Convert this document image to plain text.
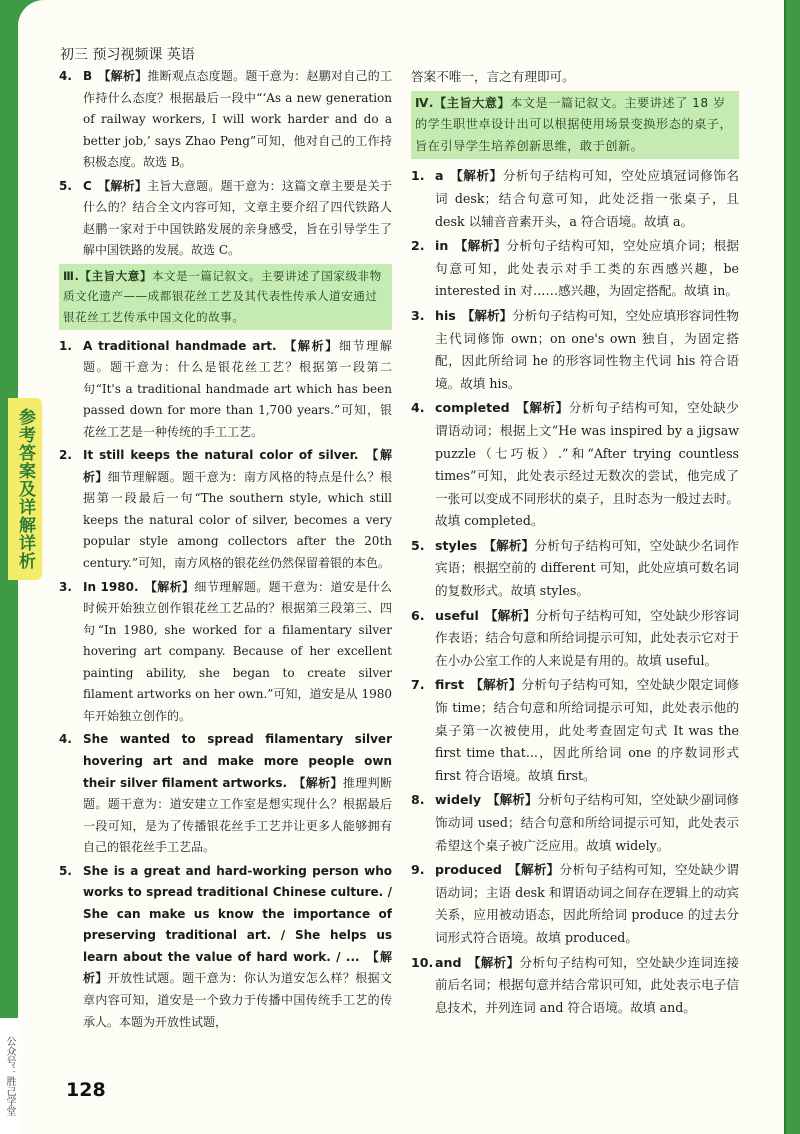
初三 预习视频课 英语
参考答案及详解详析
4. B 【解析】推断观点态度题。题干意为：赵鹏对自己的工作持什么态度？根据最后一段中“‘As a new generation of railway workers, I will work harder and do a better job,’ says Zhao Peng”可知，他对自己的工作持积极态度。故选 B。
5. C 【解析】主旨大意题。题干意为：这篇文章主要是关于什么的？结合全文内容可知，文章主要介绍了四代铁路人赵鹏一家对于中国铁路发展的亲身感受，旨在引导学生了解中国铁路的发展。故选 C。
Ⅲ.【主旨大意】本文是一篇记叙文。主要讲述了国家级非物质文化遗产——成都银花丝工艺及其代表性传承人道安通过银花丝工艺传承中国文化的故事。
1. A traditional handmade art. 【解析】细节理解题。题干意为：什么是银花丝工艺？根据第一段第二句“It's a traditional handmade art which has been passed down for more than 1,700 years.”可知，银花丝工艺是一种传统的手工工艺。
2. It still keeps the natural color of silver. 【解析】细节理解题。题干意为：南方风格的特点是什么？根据第一段最后一句“The southern style, which still keeps the natural color of silver, becomes a very popular style among collectors after the 20th century.”可知，南方风格的银花丝仍然保留着银的本色。
3. In 1980. 【解析】细节理解题。题干意为：道安是什么时候开始独立创作银花丝工艺品的？根据第三段第三、四句“In 1980, she worked for a filamentary silver hovering art company. Because of her excellent painting ability, she began to create silver filament artworks on her own.”可知，道安是从 1980 年开始独立创作的。
4. She wanted to spread filamentary silver hovering art and make more people own their silver filament artworks. 【解析】推理判断题。题干意为：道安建立工作室是想实现什么？根据最后一段可知，是为了传播银花丝手工艺并让更多人能够拥有自己的银花丝手工艺品。
5. She is a great and hard-working person who works to spread traditional Chinese culture. / She can make us know the importance of preserving traditional art. / She helps us learn about the value of hard work. / ... 【解析】开放性试题。题干意为：你认为道安怎么样？根据文章内容可知，道安是一个致力于传播中国传统手工艺的传承人。本题为开放性试题，
答案不唯一，言之有理即可。
Ⅳ.【主旨大意】本文是一篇记叙文。主要讲述了 18 岁的学生职世卓设计出可以根据使用场景变换形态的桌子，旨在引导学生培养创新思维，敢于创新。
1. a 【解析】分析句子结构可知，空处应填冠词修饰名词 desk；结合句意可知，此处泛指一张桌子，且 desk 以辅音音素开头，a 符合语境。故填 a。
2. in 【解析】分析句子结构可知，空处应填介词；根据句意可知，此处表示对手工类的东西感兴趣，be interested in 对……感兴趣，为固定搭配。故填 in。
3. his 【解析】分析句子结构可知，空处应填形容词性物主代词修饰 own；on one's own 独自，为固定搭配，因此所给词 he 的形容词性物主代词 his 符合语境。故填 his。
4. completed 【解析】分析句子结构可知，空处缺少谓语动词；根据上文“He was inspired by a jigsaw puzzle（七巧板）.”和“After trying countless times”可知，此处表示经过无数次的尝试，他完成了一张可以变成不同形状的桌子，且时态为一般过去时。故填 completed。
5. styles 【解析】分析句子结构可知，空处缺少名词作宾语；根据空前的 different 可知，此处应填可数名词的复数形式。故填 styles。
6. useful 【解析】分析句子结构可知，空处缺少形容词作表语；结合句意和所给词提示可知，此处表示它对于在小办公室工作的人来说是有用的。故填 useful。
7. first 【解析】分析句子结构可知，空处缺少限定词修饰 time；结合句意和所给词提示可知，此处表示他的桌子第一次被使用，此处考查固定句式 It was the first time that...，因此所给词 one 的序数词形式 first 符合语境。故填 first。
8. widely 【解析】分析句子结构可知，空处缺少副词修饰动词 used；结合句意和所给词提示可知，此处表示希望这个桌子被广泛应用。故填 widely。
9. produced 【解析】分析句子结构可知，空处缺少谓语动词；主语 desk 和谓语动词之间存在逻辑上的动宾关系，应用被动语态，因此所给词 produce 的过去分词形式符合语境。故填 produced。
10. and 【解析】分析句子结构可知，空处缺少连词连接前后名词；根据句意并结合常识可知，此处表示电子信息技术，并列连词 and 符合语境。故填 and。
128
公众号：胜己学堂
